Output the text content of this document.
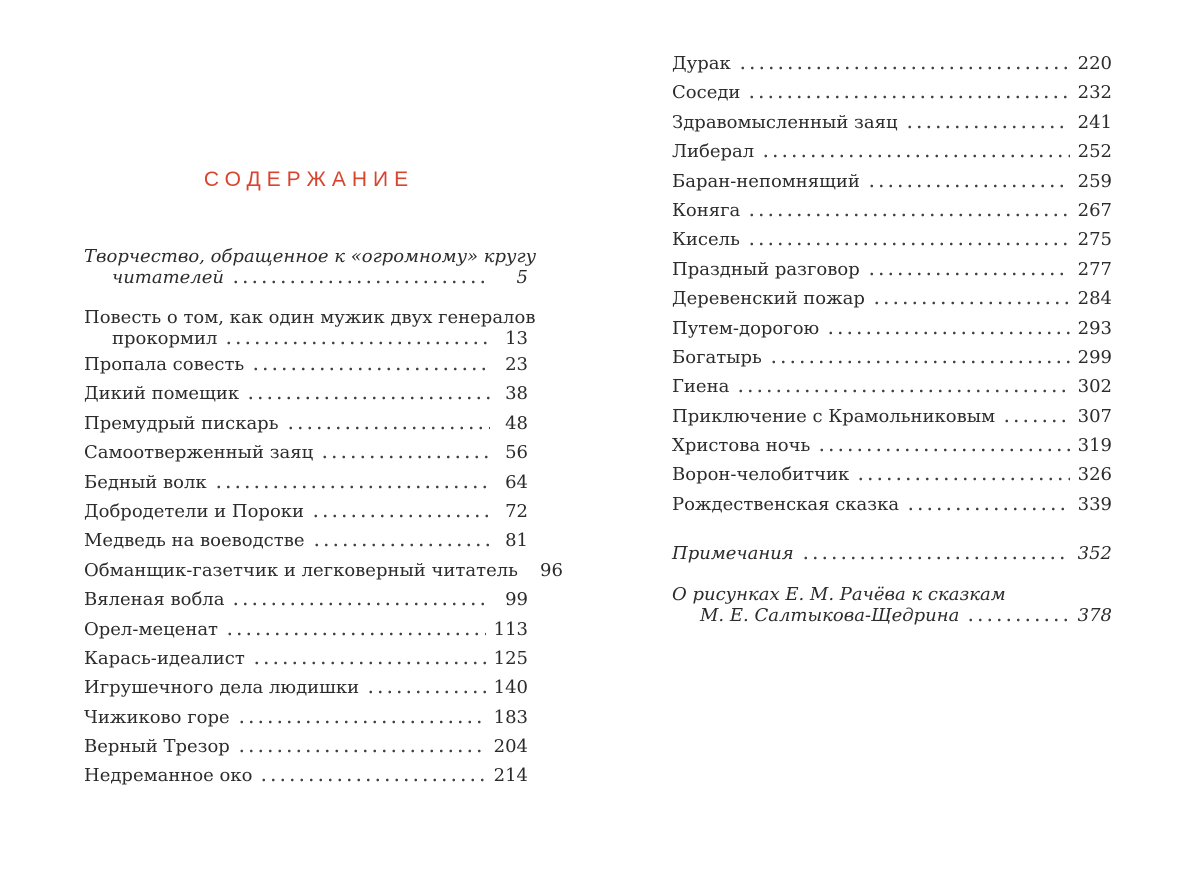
СОДЕРЖАНИЕ
Творчество, обращенное к «огромному» кругу
читателей	5
Повесть о том, как один мужик двух генералов
прокормил	13
Пропала совесть	23
Дикий помещик	38
Премудрый пискарь	48
Самоотверженный заяц	56
Бедный волк	64
Добродетели и Пороки	72
Медведь на воеводстве	81
Обманщик-газетчик и легковерный читатель	96
Вяленая вобла	99
Орел-меценат	113
Карась-идеалист	125
Игрушечного дела людишки	140
Чижиково горе	183
Верный Трезор	204
Недреманное око	214
Дурак	220
Соседи	232
Здравомысленный заяц	241
Либерал	252
Баран-непомнящий	259
Коняга	267
Кисель	275
Праздный разговор	277
Деревенский пожар	284
Путем-дорогою	293
Богатырь	299
Гиена	302
Приключение с Крамольниковым	307
Христова ночь	319
Ворон-челобитчик	326
Рождественская сказка	339
Примечания	352
О рисунках Е. М. Рачёва к сказкам
М. Е. Салтыкова-Щедрина	378
